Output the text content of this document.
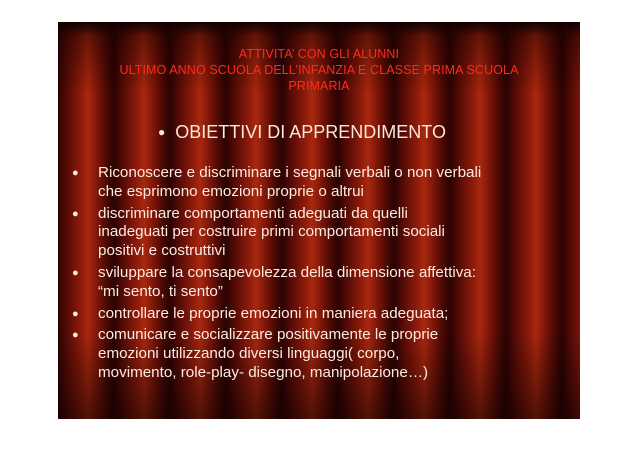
ATTIVITA’ CON GLI ALUNNI
ULTIMO ANNO SCUOLA DELL’INFANZIA E CLASSE PRIMA SCUOLA
PRIMARIA
● OBIETTIVI DI APPRENDIMENTO
● Riconoscere e discriminare i segnali verbali o non verbali
che esprimono emozioni proprie o altrui
● discriminare comportamenti adeguati da quelli
inadeguati per costruire primi comportamenti sociali
positivi e costruttivi
● sviluppare la consapevolezza della dimensione affettiva:
“mi sento, ti sento”
● controllare le proprie emozioni in maniera adeguata;
● comunicare e socializzare positivamente le proprie
emozioni utilizzando diversi linguaggi( corpo,
movimento, role-play- disegno, manipolazione…)
